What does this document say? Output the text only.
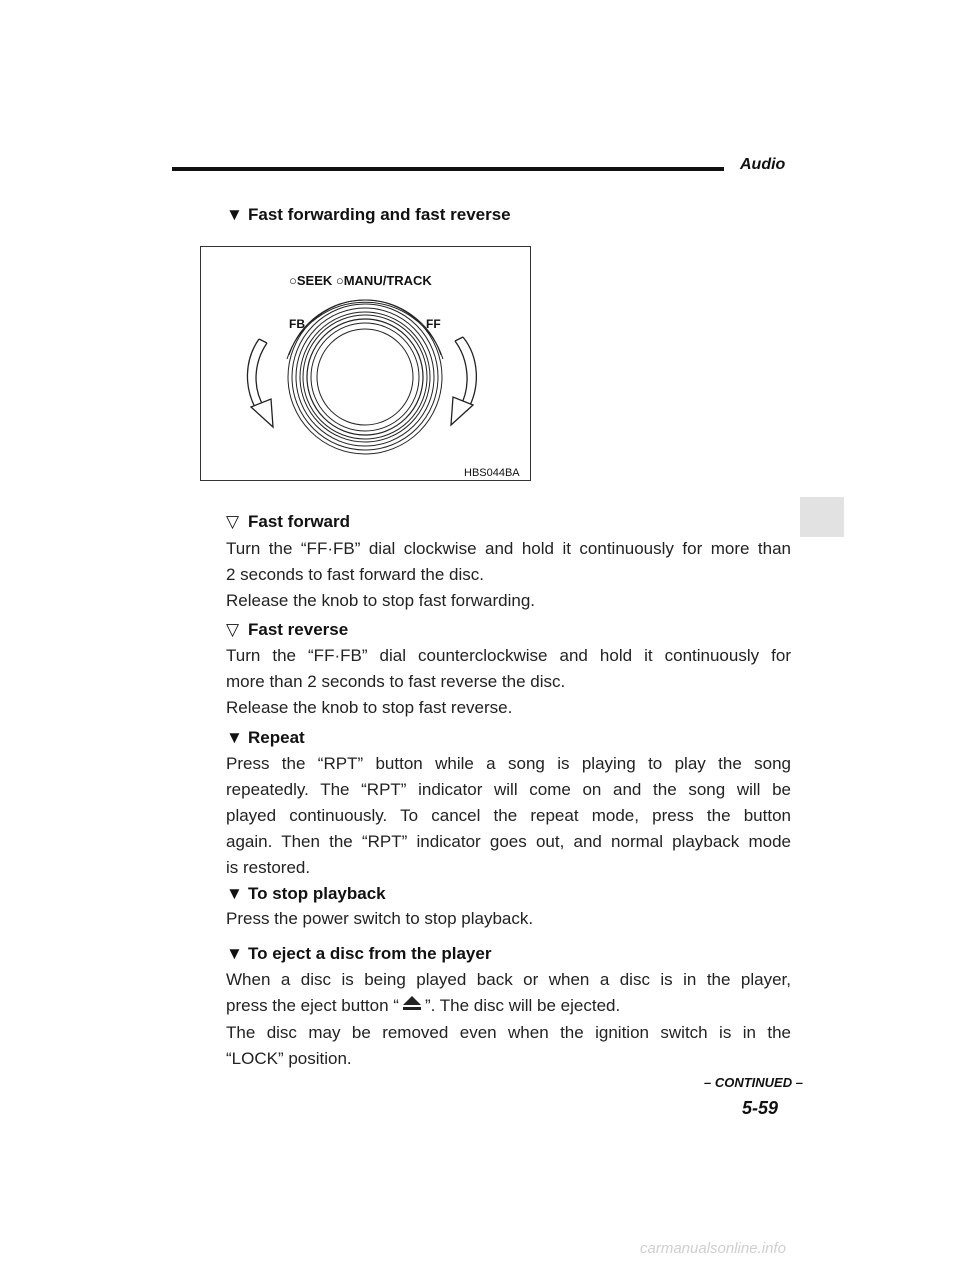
Audio
▼ Fast forwarding and fast reverse
○SEEK ○MANU/TRACK
FB	FF
HBS044BA
▽ Fast forward
Turn the “FF·FB” dial clockwise and hold it continuously for more than
2 seconds to fast forward the disc.
Release the knob to stop fast forwarding.
▽ Fast reverse
Turn the “FF·FB” dial counterclockwise and hold it continuously for
more than 2 seconds to fast reverse the disc.
Release the knob to stop fast reverse.
▼ Repeat
Press the “RPT” button while a song is playing to play the song
repeatedly. The “RPT” indicator will come on and the song will be
played continuously. To cancel the repeat mode, press the button
again. Then the “RPT” indicator goes out, and normal playback mode
is restored.
▼ To stop playback
Press the power switch to stop playback.
▼ To eject a disc from the player
When a disc is being played back or when a disc is in the player,
press the eject button “ ”. The disc will be ejected.
The disc may be removed even when the ignition switch is in the
“LOCK” position.
– CONTINUED –
5-59
carmanualsonline.info
